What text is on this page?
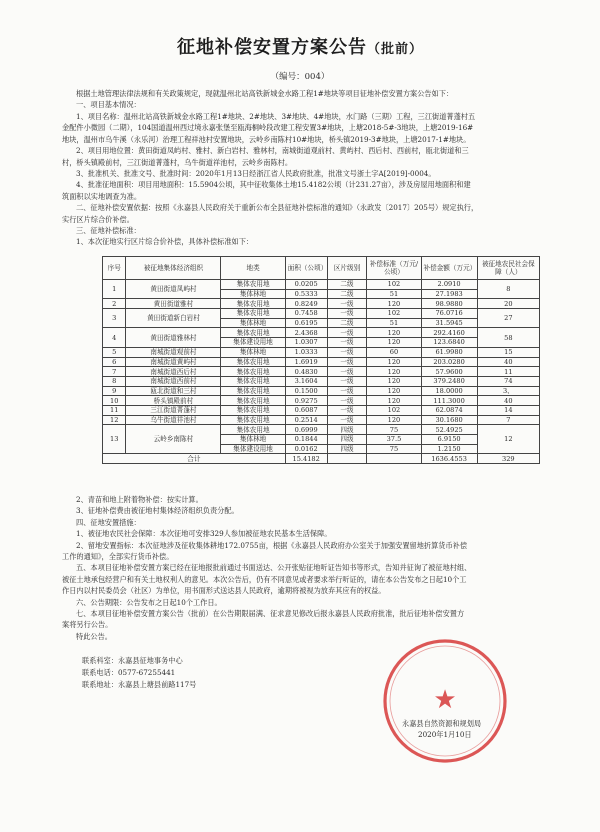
征地补偿安置方案公告（批前）
（编号：004）
根据土地管理法律法规和有关政策规定，现就温州北站高铁新城金水路工程1#地块等项目征地补偿安置方案公告如下：
一、项目基本情况：
1、项目名称：温州北站高铁新城金水路工程1#地块、2#地块、3#地块、4#地块，水门路（三期）工程，三江街道菁蓬村五
金配件小微园（二期），104国道温州西过境永嘉张堡至瓯海桐岭段改建工程安置3#地块，上塘2018-5#-3地块，上塘2019-16#
地块，温州市乌牛溪（永乐河）治理工程祥池村安置地块，云岭乡南陈村10#地块，桥头镇2019-3#地块，上塘2017-1#地块。
2、项目用地位置：黄田街道凤屿村、雅村、新白岩村、雅林村，南城街道观前村、黄屿村、西后村、西前村，瓯北街道和三
村，桥头镇殿前村，三江街道菁蓬村，乌牛街道祥池村，云岭乡南陈村。
3、批准机关、批准文号、批准时间：2020年1月13日经浙江省人民政府批准，批准文号浙土字A[2019]-0004。
4、批准征地面积：项目用地面积：15.5904公顷，其中征收集体土地15.4182公顷（计231.27亩），涉及房屋用地面积和建
筑面积以实地调查为准。
二、征地补偿安置依据：按照《永嘉县人民政府关于重新公布全县征地补偿标准的通知》（永政发〔2017〕205号）规定执行，
实行区片综合价补偿。
三、征地补偿标准：
1、本次征地实行区片综合价补偿，具体补偿标准如下：
序号	被征地集体经济组织	地类	面积（公顷）	区片级别	补偿标准（万元/公顷）	补偿金额（万元）	被征地农民社会保障（人）
1	黄田街道凤屿村	集体农用地	0.0205	二级	102	2.0910	8
		集体林地	0.5333	二级	51	27.1983	
2	黄田街道雅村	集体农用地	0.8249	一级	120	98.9880	20
3	黄田街道新白岩村	集体农用地	0.7458	一级	102	76.0716	27
		集体林地	0.6195	二级	51	31.5945	
4	黄田街道雅林村	集体农用地	2.4368	一级	120	292.4160	58
		集体建设用地	1.0307	一级	120	123.6840	
5	南城街道观前村	集体林地	1.0333	一级	60	61.9980	15
6	南城街道黄屿村	集体农用地	1.6919	一级	120	203.0280	40
7	南城街道西后村	集体农用地	0.4830	一级	120	57.9600	11
8	南城街道西前村	集体农用地	3.1604	一级	120	379.2480	74
9	瓯北街道和三村	集体农用地	0.1500	一级	120	18.0000	3、
10	桥头镇殿前村	集体农用地	0.9275	一级	120	111.3000	40
11	三江街道菁蓬村	集体农用地	0.6087	一级	102	62.0874	14
12	乌牛街道祥池村	集体农用地	0.2514	一级	120	30.1680	7
13	云岭乡南陈村	集体农用地	0.6999	四级	75	52.4925	12
		集体林地	0.1844	四级	37.5	6.9150	
		集体建设用地	0.0162	四级	75	1.2150	
合计			15.4182			1636.4553	329
2、青苗和地上附着物补偿：按实计算。
3、征地补偿费由被征地村集体经济组织负责分配。
四、征地安置措施：
1、被征地农民社会保障：本次征地可安排329人参加被征地农民基本生活保障。
2、留地安置指标：本次征地涉及征收集体耕地172.0755亩，根据《永嘉县人民政府办公室关于加强安置留地折算货币补偿
工作的通知》，全部实行货币补偿。
五、本项目征地补偿安置方案已经在征地报批前通过书面送达、公开张贴征地听证告知书等形式，告知并征询了被征地村组、
被征土地承包经营户和有关土地权利人的意见。本次公告后，仍有不同意见或者要求举行听证的，请在本公告发布之日起10个工
作日内以村民委员会（社区）为单位，用书面形式送达县人民政府，逾期将被视为放弃其应有的权益。
六、公告期限：公告发布之日起10个工作日。
七、本项目征地补偿安置方案公告（批前）在公告期限届满、征求意见修改后报永嘉县人民政府批准，批后征地补偿安置方
案将另行公告。
特此公告。
联系科室：永嘉县征地事务中心
联系电话：0577-67255441
联系地址：永嘉县上塘县前路117号
★
永嘉县自然资源和规划局
2020年1月10日
